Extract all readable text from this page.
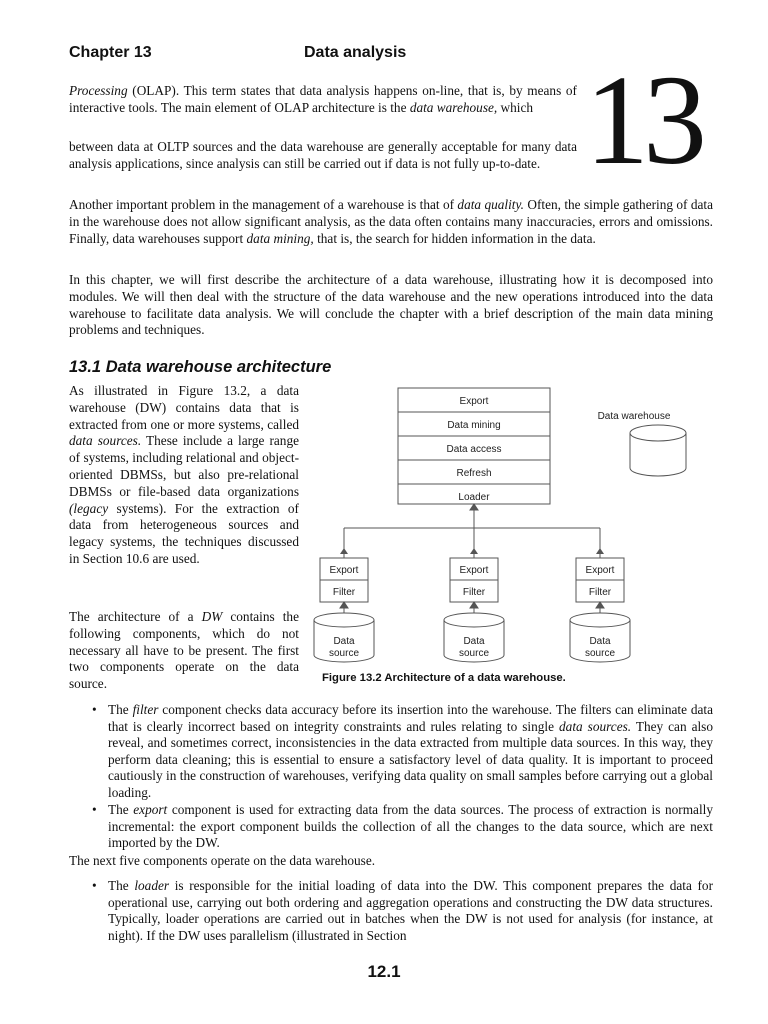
Chapter 13	Data analysis 13
Processing (OLAP). This term states that data analysis happens on-line, that is, by means of interactive tools. The main element of OLAP architecture is the data warehouse, which
between data at OLTP sources and the data warehouse are generally acceptable for many data analysis applications, since analysis can still be carried out if data is not fully up-to-date.
Another important problem in the management of a warehouse is that of data quality. Often, the simple gathering of data in the warehouse does not allow significant analysis, as the data often contains many inaccuracies, errors and omissions. Finally, data warehouses support data mining, that is, the search for hidden information in the data.
In this chapter, we will first describe the architecture of a data warehouse, illustrating how it is decomposed into modules. We will then deal with the structure of the data warehouse and the new operations introduced into the data warehouse to facilitate data analysis. We will conclude the chapter with a brief description of the main data mining problems and techniques.
13.1 Data warehouse architecture
As illustrated in Figure 13.2, a data warehouse (DW) contains data that is extracted from one or more systems, called data sources. These include a large range of systems, including relational and object-oriented DBMSs, but also pre-relational DBMSs or file-based data organizations (legacy systems). For the extraction of data from heterogeneous sources and legacy systems, the techniques discussed in Section 10.6 are used.
The architecture of a DW contains the following components, which do not necessary all have to be present. The first two components operate on the data source.
Export
Data mining
Data access
Refresh
Loader
Data warehouse
Export
Filter
Export
Filter
Export
Filter
Data
source
Data
source
Data
source
Figure 13.2 Architecture of a data warehouse.
• The filter component checks data accuracy before its insertion into the warehouse. The filters can eliminate data that is clearly incorrect based on integrity constraints and rules relating to single data sources. They can also reveal, and sometimes correct, inconsistencies in the data extracted from multiple data sources. In this way, they perform data cleaning; this is essential to ensure a satisfactory level of data quality. It is important to proceed cautiously in the construction of warehouses, verifying data quality on small samples before carrying out a global loading.
• The export component is used for extracting data from the data sources. The process of extraction is normally incremental: the export component builds the collection of all the changes to the data source, which are next imported by the DW.
The next five components operate on the data warehouse.
• The loader is responsible for the initial loading of data into the DW. This component prepares the data for operational use, carrying out both ordering and aggregation operations and constructing the DW data structures. Typically, loader operations are carried out in batches when the DW is not used for analysis (for instance, at night). If the DW uses parallelism (illustrated in Section
12.1
